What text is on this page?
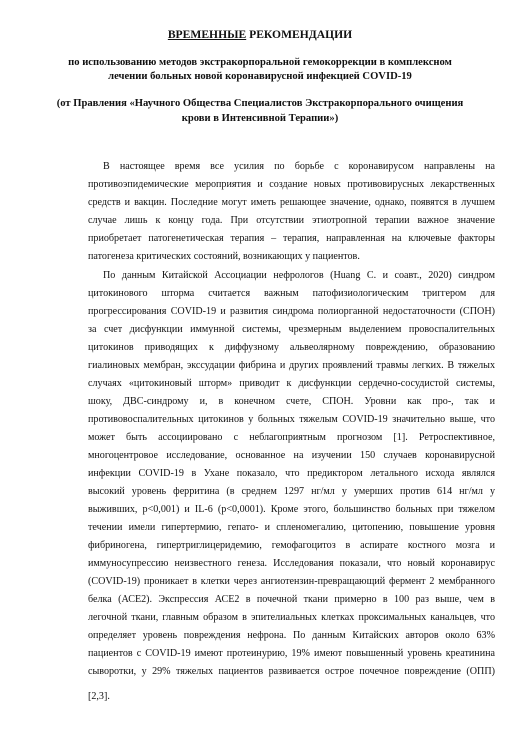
ВРЕМЕННЫЕ РЕКОМЕНДАЦИИ
по использованию методов экстракорпоральной гемокоррекции в комплексном
лечении больных новой коронавирусной инфекцией COVID-19
(от Правления «Научного Общества Специалистов Экстракорпорального очищения
крови в Интенсивной Терапии»)
В настоящее время все усилия по борьбе с коронавирусом направлены на
противоэпидемические мероприятия и создание новых противовирусных лекарственных
средств и вакцин. Последние могут иметь решающее значение, однако, появятся в лучшем
случае лишь к концу года. При отсутствии этиотропной терапии важное значение
приобретает патогенетическая терапия – терапия, направленная на ключевые факторы
патогенеза критических состояний, возникающих у пациентов.
По данным Китайской Ассоциации нефрологов (Huang C. и соавт., 2020) синдром
цитокинового шторма считается важным патофизиологическим триггером для
прогрессирования COVID-19 и развития синдрома полиорганной недостаточности (СПОН)
за счет дисфункции иммунной системы, чрезмерным выделением провоспалительных
цитокинов приводящих к диффузному альвеолярному повреждению, образованию
гиалиновых мембран, экссудации фибрина и других проявлений травмы легких. В тяжелых
случаях «цитокиновый шторм» приводит к дисфункции сердечно-сосудистой системы,
шоку, ДВС-синдрому и, в конечном счете, СПОН. Уровни как про-, так и
противовоспалительных цитокинов у больных тяжелым COVID-19 значительно выше, что
может быть ассоциировано с неблагоприятным прогнозом [1]. Ретроспективное,
многоцентровое исследование, основанное на изучении 150 случаев коронавирусной
инфекции COVID-19 в Ухане показало, что предиктором летального исхода являлся
высокий уровень ферритина (в среднем 1297 нг/мл у умерших против 614 нг/мл у
выживших, p<0,001) и IL-6 (p<0,0001). Кроме этого, большинство больных при тяжелом
течении имели гипертермию, гепато- и спленомегалию, цитопению, повышение уровня
фибриногена, гипертриглицеридемию, гемофагоцитоз в аспирате костного мозга и
иммуносупрессию неизвестного генеза. Исследования показали, что новый коронавирус
(COVID-19) проникает в клетки через ангиотензин-превращающий фермент 2 мембранного
белка (АСЕ2). Экспрессия АСЕ2 в почечной ткани примерно в 100 раз выше, чем в
легочной ткани, главным образом в эпителиальных клетках проксимальных канальцев, что
определяет уровень повреждения нефрона. По данным Китайских авторов около 63%
пациентов с COVID-19 имеют протеинурию, 19% имеют повышенный уровень креатинина
сыворотки, у 29% тяжелых пациентов развивается острое почечное повреждение (ОПП)
[2,3].
